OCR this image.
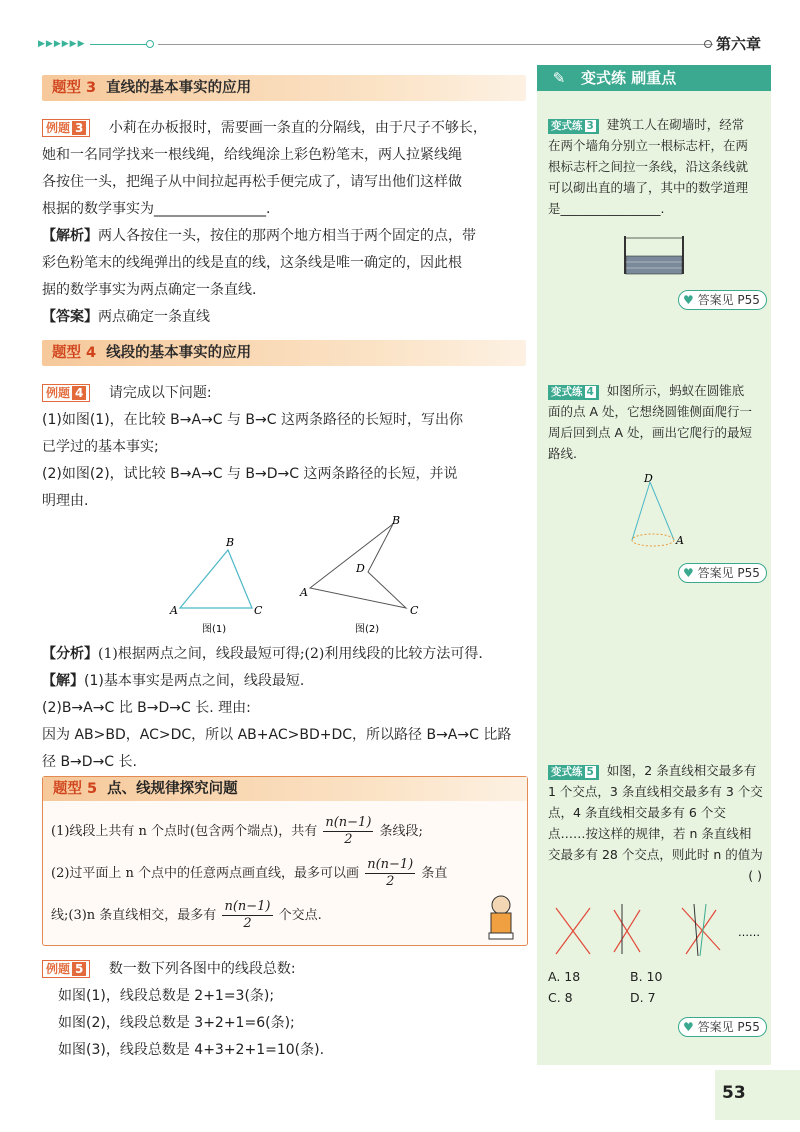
▶▶▶▶▶▶	第六章
题型 3 直线的基本事实的应用
例题 3 小莉在办板报时，需要画一条直的分隔线，由于尺子不够长，
她和一名同学找来一根线绳，给线绳涂上彩色粉笔末，两人拉紧线绳
各按住一头，把绳子从中间拉起再松手便完成了，请写出他们这样做
根据的数学事实为________________.
【解析】两人各按住一头，按住的那两个地方相当于两个固定的点，带
彩色粉笔末的线绳弹出的线是直的线，这条线是唯一确定的，因此根
据的数学事实为两点确定一条直线.
【答案】两点确定一条直线
题型 4 线段的基本事实的应用
例题 4 请完成以下问题:
(1)如图(1)，在比较 B→A→C 与 B→C 这两条路径的长短时，写出你
已学过的基本事实;
(2)如图(2)，试比较 B→A→C 与 B→D→C 这两条路径的长短，并说
明理由.
B
A	C
图(1)
B
A
D
C
图(2)
【分析】(1)根据两点之间，线段最短可得;(2)利用线段的比较方法可得.
【解】(1)基本事实是两点之间，线段最短.
(2)B→A→C 比 B→D→C 长. 理由:
因为 AB>BD，AC>DC，所以 AB+AC>BD+DC，所以路径 B→A→C 比路
径 B→D→C 长.
题型 5 点、线规律探究问题
(1)线段上共有 n 个点时(包含两个端点)，共有 $\frac{n(n-1)}{2}$ 条线段;
(2)过平面上 n 个点中的任意两点画直线，最多可以画 $\frac{n(n-1)}{2}$ 条直
线;(3)n 条直线相交，最多有 $\frac{n(n-1)}{2}$ 个交点.
例题 5 数一数下列各图中的线段总数:
如图(1)，线段总数是 2+1=3(条);
如图(2)，线段总数是 3+2+1=6(条);
如图(3)，线段总数是 4+3+2+1=10(条).
✎ 变式练 刷重点
变式练 3 建筑工人在砌墙时，经常
在两个墙角分别立一根标志杆，在两
根标志杆之间拉一条线，沿这条线就
可以砌出直的墙了，其中的数学道理
是________________.
♥ 答案见 P55
变式练 4 如图所示，蚂蚁在圆锥底
面的点 A 处，它想绕圆锥侧面爬行一
周后回到点 A 处，画出它爬行的最短
路线.
D
A
♥ 答案见 P55
变式练 5 如图，2 条直线相交最多有
1 个交点，3 条直线相交最多有 3 个交
点，4 条直线相交最多有 6 个交
点……按这样的规律，若 n 条直线相
交最多有 28 个交点，则此时 n 的值为
( )
……
A. 18	B. 10
C. 8	D. 7
♥ 答案见 P55
53
